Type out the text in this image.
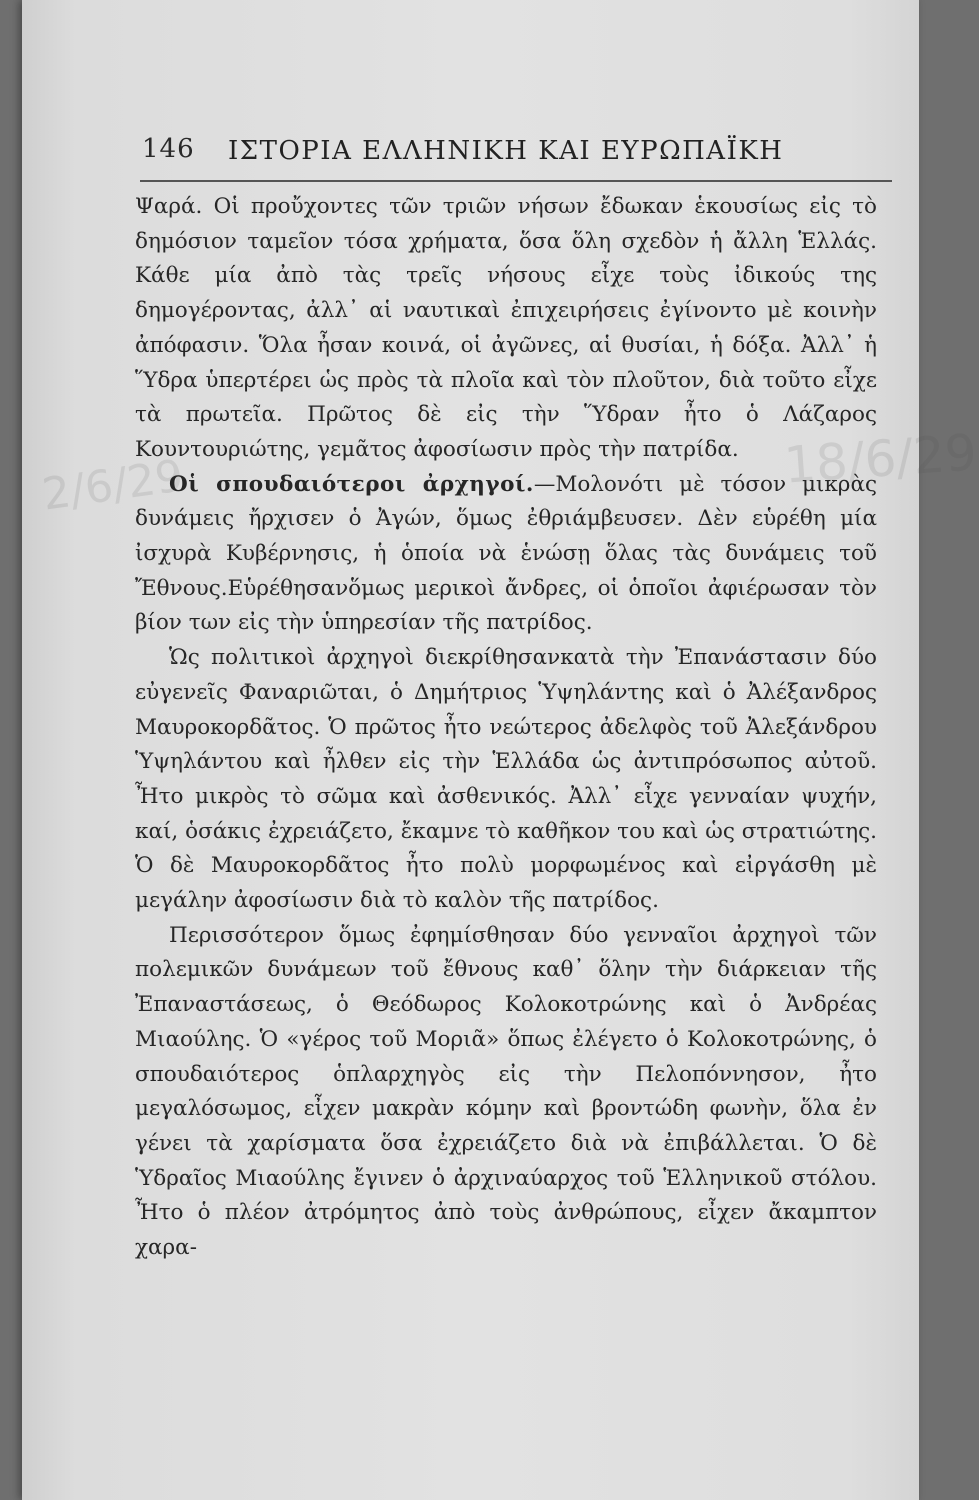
146 ΙΣΤΟΡΙΑ ΕΛΛΗΝΙΚΗ ΚΑΙ ΕΥΡΩΠΑΪΚΗ
2/6/29	18/6/29

Ψαρά. Οἱ προὔχοντες τῶν τριῶν νήσων ἔδωκαν ἑκουσίως εἰς τὸ δημόσιον ταμεῖον τόσα χρήματα, ὅσα ὅλη σχεδὸν ἡ ἄλλη Ἑλλάς. Κάθε μία ἀπὸ τὰς τρεῖς νήσους εἶχε τοὺς ἰδικούς της δημογέροντας, ἀλλ᾽ αἱ ναυτικαὶ ἐπιχειρήσεις ἐγίνοντο μὲ κοινὴν ἀπόφασιν. Ὅλα ἦσαν κοινά, οἱ ἀγῶνες, αἱ θυσίαι, ἡ δόξα. Ἀλλ᾽ ἡ Ὕδρα ὑπερτέρει ὡς πρὸς τὰ πλοῖα καὶ τὸν πλοῦτον, διὰ τοῦτο εἶχε τὰ πρωτεῖα. Πρῶτος δὲ εἰς τὴν Ὕδραν ἦτο ὁ Λάζαρος Κουντουριώτης, γεμᾶτος ἀφοσίωσιν πρὸς τὴν πατρίδα.

Οἱ σπουδαιότεροι ἀρχηγοί.—Μολονότι μὲ τόσον μικρὰς δυνάμεις ἤρχισεν ὁ Ἀγών, ὅμως ἐθριάμβευσεν. Δὲν εὑρέθη μία ἰσχυρὰ Κυβέρνησις, ἡ ὁποία νὰ ἑνώσῃ ὅλας τὰς δυνάμεις τοῦ Ἔθνους.Εὑρέθησανὅμως μερικοὶ ἄνδρες, οἱ ὁποῖοι ἀφιέρωσαν τὸν βίον των εἰς τὴν ὑπηρεσίαν τῆς πατρίδος.

Ὡς πολιτικοὶ ἀρχηγοὶ διεκρίθησανκατὰ τὴν Ἐπανάστασιν δύο εὐγενεῖς Φαναριῶται, ὁ Δημήτριος Ὑψηλάντης καὶ ὁ Ἀλέξανδρος Μαυροκορδᾶτος. Ὁ πρῶτος ἦτο νεώτερος ἀδελφὸς τοῦ Ἀλεξάνδρου Ὑψηλάντου καὶ ἦλθεν εἰς τὴν Ἑλλάδα ὡς ἀντιπρόσωπος αὐτοῦ. Ἦτο μικρὸς τὸ σῶμα καὶ ἀσθενικός. Ἀλλ᾽ εἶχε γενναίαν ψυχήν, καί, ὁσάκις ἐχρειάζετο, ἔκαμνε τὸ καθῆκον του καὶ ὡς στρατιώτης. Ὁ δὲ Μαυροκορδᾶτος ἦτο πολὺ μορφωμένος καὶ εἰργάσθη μὲ μεγάλην ἀφοσίωσιν διὰ τὸ καλὸν τῆς πατρίδος.

Περισσότερον ὅμως ἐφημίσθησαν δύο γενναῖοι ἀρχηγοὶ τῶν πολεμικῶν δυνάμεων τοῦ ἔθνους καθ᾽ ὅλην τὴν διάρκειαν τῆς Ἐπαναστάσεως, ὁ Θεόδωρος Κολοκοτρώνης καὶ ὁ Ἀνδρέας Μιαούλης. Ὁ «γέρος τοῦ Μοριᾶ» ὅπως ἐλέγετο ὁ Κολοκοτρώνης, ὁ σπουδαιότερος ὁπλαρχηγὸς εἰς τὴν Πελοπόννησον, ἦτο μεγαλόσωμος, εἶχεν μακρὰν κόμην καὶ βροντώδη φωνὴν, ὅλα ἐν γένει τὰ χαρίσματα ὅσα ἐχρειάζετο διὰ νὰ ἐπιβάλλεται. Ὁ δὲ Ὑδραῖος Μιαούλης ἔγινεν ὁ ἀρχιναύαρχος τοῦ Ἑλληνικοῦ στόλου. Ἦτο ὁ πλέον ἀτρόμητος ἀπὸ τοὺς ἀνθρώπους, εἶχεν ἄκαμπτον χαρα-
